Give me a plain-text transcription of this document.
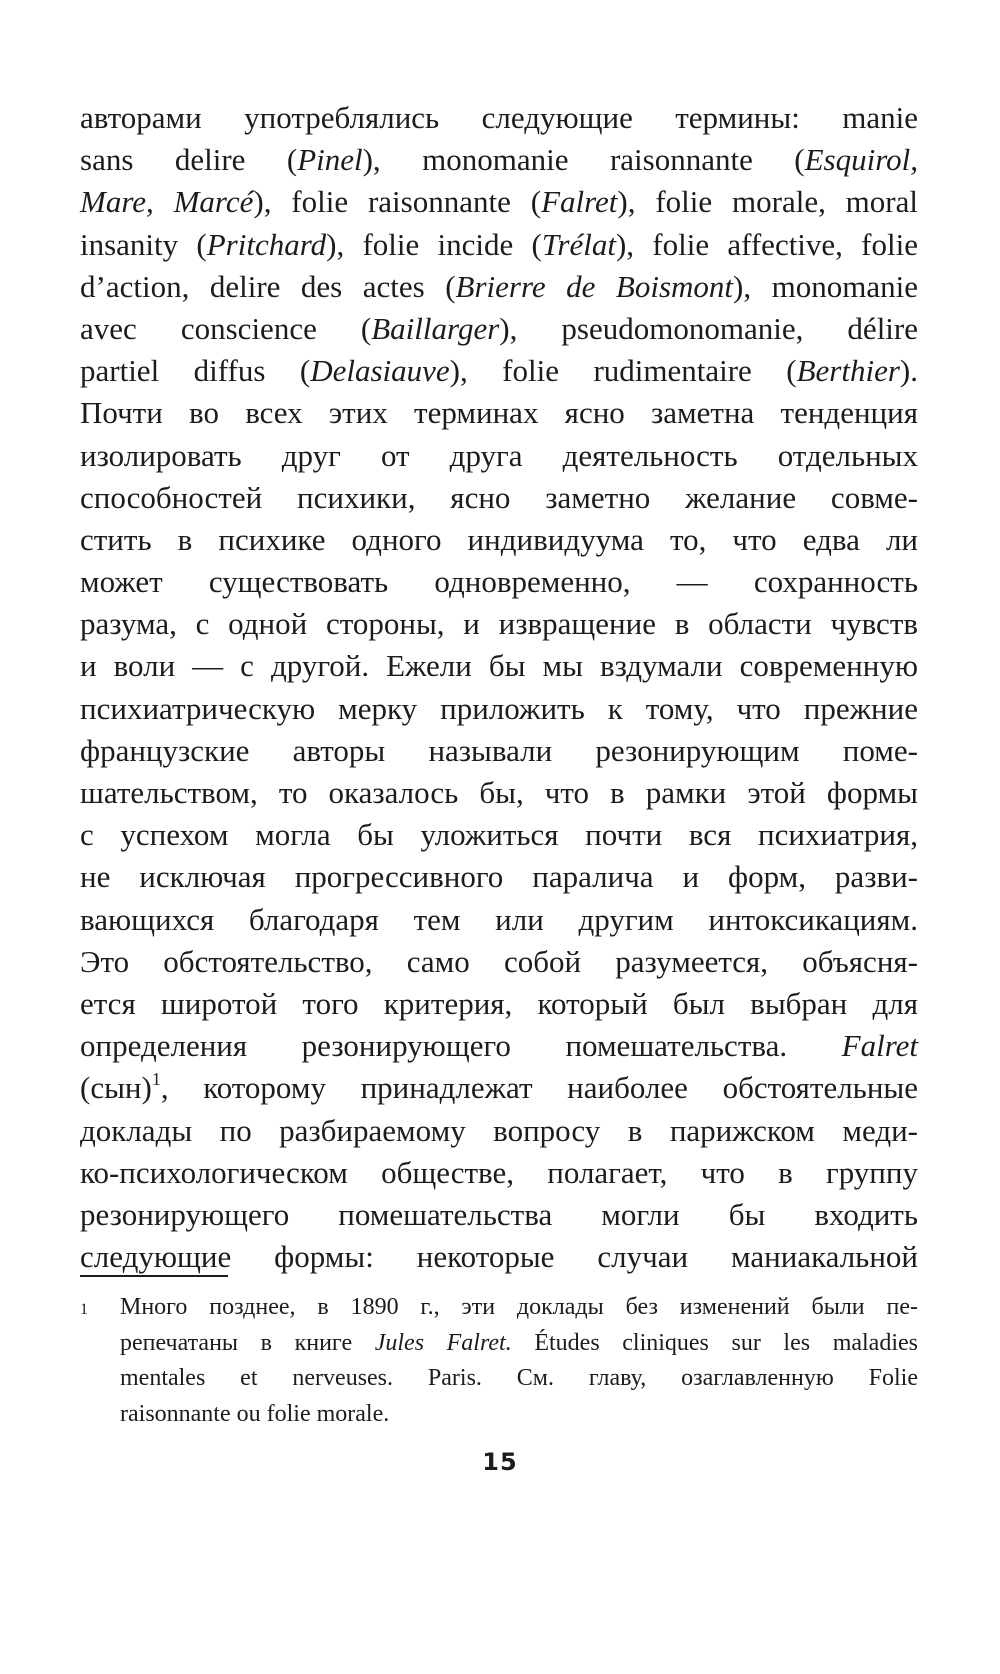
авторами употреблялись следующие термины: manie
sans delire (Pinel), monomanie raisonnante (Esquirol,
Mare, Marcé), folie raisonnante (Falret), folie morale, moral
insanity (Pritchard), folie incide (Trélat), folie affective, folie
d’action, delire des actes (Brierre de Boismont), monomanie
avec conscience (Baillarger), pseudomonomanie, délire
partiel diffus (Delasiauve), folie rudimentaire (Berthier).
Почти во всех этих терминах ясно заметна тенденция
изолировать друг от друга деятельность отдельных
способностей психики, ясно заметно желание совме-
стить в психике одного индивидуума то, что едва ли
может существовать одновременно, — сохранность
разума, с одной стороны, и извращение в области чувств
и воли — с другой. Ежели бы мы вздумали современную
психиатрическую мерку приложить к тому, что прежние
французские авторы называли резонирующим поме-
шательством, то оказалось бы, что в рамки этой формы
с успехом могла бы уложиться почти вся психиатрия,
не исключая прогрессивного паралича и форм, разви-
вающихся благодаря тем или другим интоксикациям.
Это обстоятельство, само собой разумеется, объясня-
ется широтой того критерия, который был выбран для
определения резонирующего помешательства. Falret
(сын)$^1$, которому принадлежат наиболее обстоятельные
доклады по разбираемому вопросу в парижском меди-
ко-психологическом обществе, полагает, что в группу
резонирующего помешательства могли бы входить
следующие формы: некоторые случаи маниакальной
1 Много позднее, в 1890 г., эти доклады без изменений были пе-
репечатаны в книге Jules Falret. Études cliniques sur les maladies
mentales et nerveuses. Paris. См. главу, озаглавленную Folie
raisonnante ou folie morale.
15
